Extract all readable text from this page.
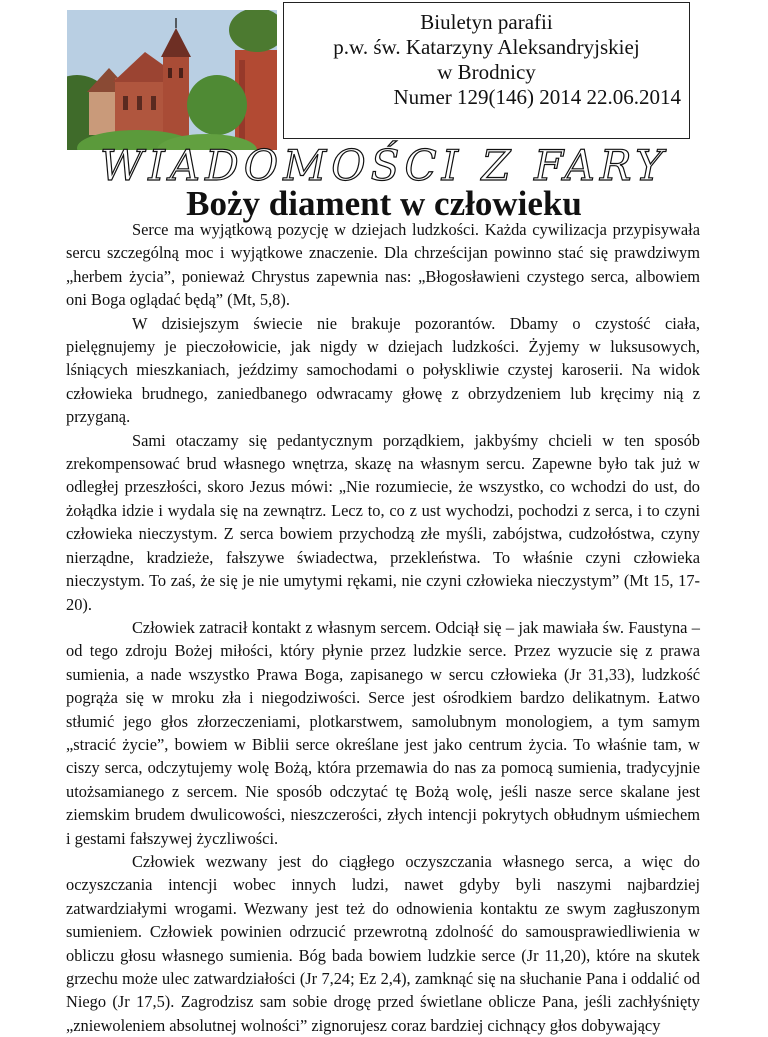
Biuletyn parafii
p.w. św. Katarzyny Aleksandryjskiej
w Brodnicy
Numer 129(146) 2014 22.06.2014
WIADOMOŚCI Z FARY
Boży diament w człowieku

Serce ma wyjątkową pozycję w dziejach ludzkości. Każda cywilizacja przypisywała sercu szczególną moc i wyjątkowe znaczenie. Dla chrześcijan powinno stać się prawdziwym „herbem życia”, ponieważ Chrystus zapewnia nas: „Błogosławieni czystego serca, albowiem oni Boga oglądać będą” (Mt, 5,8).

W dzisiejszym świecie nie brakuje pozorantów. Dbamy o czystość ciała, pielęgnujemy je pieczołowicie, jak nigdy w dziejach ludzkości. Żyjemy w luksusowych, lśniących mieszkaniach, jeździmy samochodami o połyskliwie czystej karoserii. Na widok człowieka brudnego, zaniedbanego odwracamy głowę z obrzydzeniem lub kręcimy nią z przyganą.

Sami otaczamy się pedantycznym porządkiem, jakbyśmy chcieli w ten sposób zrekompensować brud własnego wnętrza, skazę na własnym sercu. Zapewne było tak już w odległej przeszłości, skoro Jezus mówi: „Nie rozumiecie, że wszystko, co wchodzi do ust, do żołądka idzie i wydala się na zewnątrz. Lecz to, co z ust wychodzi, pochodzi z serca, i to czyni człowieka nieczystym. Z serca bowiem przychodzą złe myśli, zabójstwa, cudzołóstwa, czyny nierządne, kradzieże, fałszywe świadectwa, przekleństwa. To właśnie czyni człowieka nieczystym. To zaś, że się je nie umytymi rękami, nie czyni człowieka nieczystym” (Mt 15, 17-20).

Człowiek zatracił kontakt z własnym sercem. Odciął się – jak mawiała św. Faustyna – od tego zdroju Bożej miłości, który płynie przez ludzkie serce. Przez wyzucie się z prawa sumienia, a nade wszystko Prawa Boga, zapisanego w sercu człowieka (Jr 31,33), ludzkość pogrąża się w mroku zła i niegodziwości. Serce jest ośrodkiem bardzo delikatnym. Łatwo stłumić jego głos złorzeczeniami, plotkarstwem, samolubnym monologiem, a tym samym „stracić życie”, bowiem w Biblii serce określane jest jako centrum życia. To właśnie tam, w ciszy serca, odczytujemy wolę Bożą, która przemawia do nas za pomocą sumienia, tradycyjnie utożsamianego z sercem. Nie sposób odczytać tę Bożą wolę, jeśli nasze serce skalane jest ziemskim brudem dwulicowości, nieszczerości, złych intencji pokrytych obłudnym uśmiechem i gestami fałszywej życzliwości.

Człowiek wezwany jest do ciągłego oczyszczania własnego serca, a więc do oczyszczania intencji wobec innych ludzi, nawet gdyby byli naszymi najbardziej zatwardziałymi wrogami. Wezwany jest też do odnowienia kontaktu ze swym zagłuszonym sumieniem. Człowiek powinien odrzucić przewrotną zdolność do samousprawiedliwienia w obliczu głosu własnego sumienia. Bóg bada bowiem ludzkie serce (Jr 11,20), które na skutek grzechu może ulec zatwardziałości (Jr 7,24; Ez 2,4), zamknąć się na słuchanie Pana i oddalić od Niego (Jr 17,5). Zagrodzisz sam sobie drogę przed świetlane oblicze Pana, jeśli zachłyśnięty „zniewoleniem absolutnej wolności” zignorujesz coraz bardziej cichnący głos dobywający
